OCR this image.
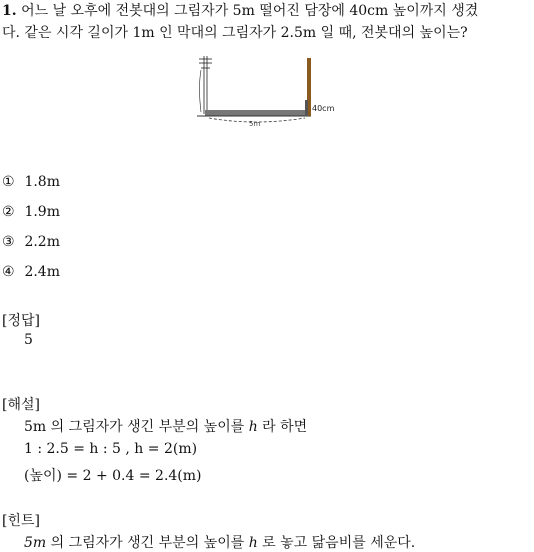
1. 어느 날 오후에 전봇대의 그림자가 5m 떨어진 담장에 40cm 높이까지 생겼
다. 같은 시각 길이가 1m 인 막대의 그림자가 2.5m 일 때, 전봇대의 높이는?
40cm
5m
① 1.8m
② 1.9m
③ 2.2m
④ 2.4m
[정답]
5
[해설]
5m 의 그림자가 생긴 부분의 높이를 h 라 하면
1 : 2.5 = h : 5 , h = 2(m)
(높이) = 2 + 0.4 = 2.4(m)
[힌트]
5m 의 그림자가 생긴 부분의 높이를 h 로 놓고 닮음비를 세운다.
